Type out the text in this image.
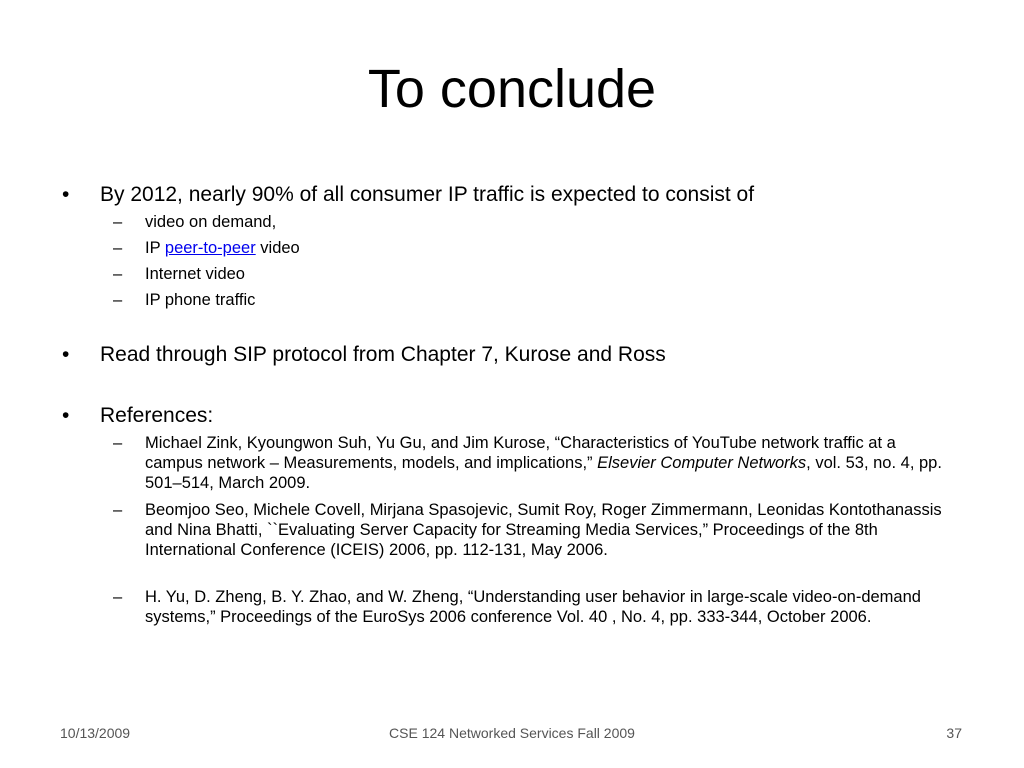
To conclude
• By 2012, nearly 90% of all consumer IP traffic is expected to consist of
– video on demand,
– IP peer-to-peer video
– Internet video
– IP phone traffic
• Read through SIP protocol from Chapter 7, Kurose and Ross
• References:
– Michael Zink, Kyoungwon Suh, Yu Gu, and Jim Kurose, “Characteristics of YouTube network traffic at a campus network – Measurements, models, and implications,” Elsevier Computer Networks, vol. 53, no. 4, pp. 501–514, March 2009.
– Beomjoo Seo, Michele Covell, Mirjana Spasojevic, Sumit Roy, Roger Zimmermann, Leonidas Kontothanassis and Nina Bhatti, ``Evaluating Server Capacity for Streaming Media Services,” Proceedings of the 8th International Conference (ICEIS) 2006, pp. 112-131, May 2006.
– H. Yu, D. Zheng, B. Y. Zhao, and W. Zheng, “Understanding user behavior in large-scale video-on-demand systems,” Proceedings of the EuroSys 2006 conference Vol. 40 , No. 4, pp. 333-344, October 2006.
10/13/2009	CSE 124 Networked Services Fall 2009	37
